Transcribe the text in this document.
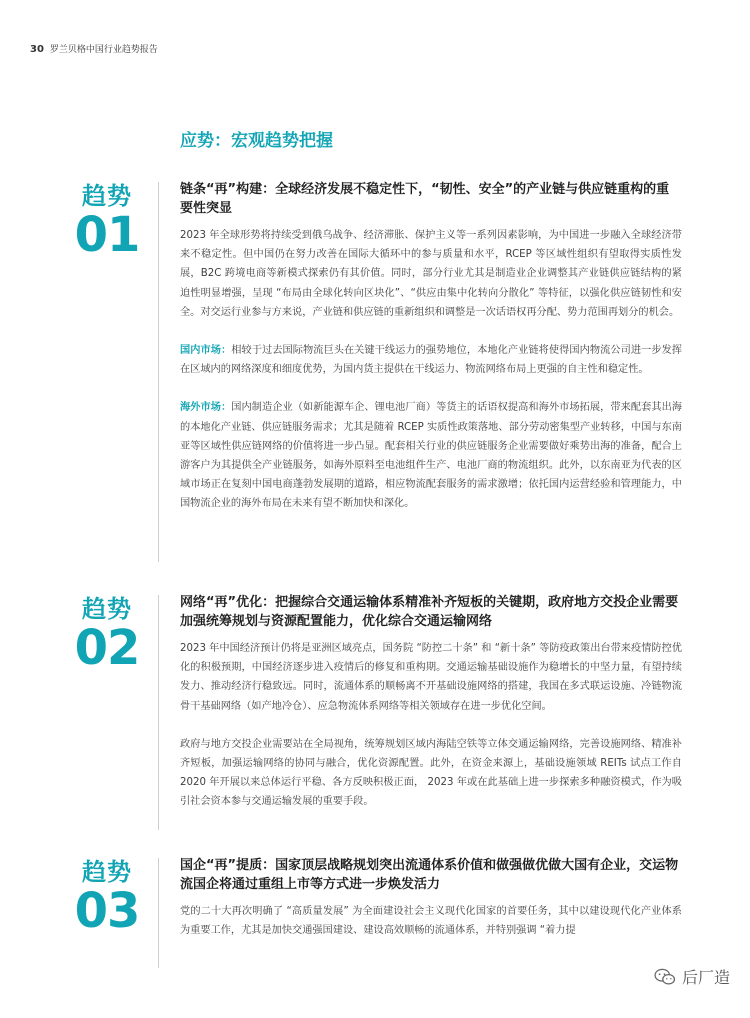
30 罗兰贝格中国行业趋势报告
应势：宏观趋势把握
趋势
01
链条“再”构建：全球经济发展不稳定性下，“韧性、安全”的产业链与供应链重构的重要性突显

2023 年全球形势将持续受到俄乌战争、经济滞胀、保护主义等一系列因素影响，为中国进一步融入全球经济带来不稳定性。但中国仍在努力改善在国际大循环中的参与质量和水平，RCEP 等区域性组织有望取得实质性发展，B2C 跨境电商等新模式探索仍有其价值。同时，部分行业尤其是制造业企业调整其产业链供应链结构的紧迫性明显增强，呈现 “布局由全球化转向区块化”、“供应由集中化转向分散化” 等特征，以强化供应链韧性和安全。对交运行业参与方来说，产业链和供应链的重新组织和调整是一次话语权再分配、势力范围再划分的机会。

国内市场：相较于过去国际物流巨头在关键干线运力的强势地位，本地化产业链将使得国内物流公司进一步发挥在区域内的网络深度和细度优势，为国内货主提供在干线运力、物流网络布局上更强的自主性和稳定性。

海外市场：国内制造企业（如新能源车企、锂电池厂商）等货主的话语权提高和海外市场拓展，带来配套其出海的本地化产业链、供应链服务需求；尤其是随着 RCEP 实质性政策落地、部分劳动密集型产业转移，中国与东南亚等区域性供应链网络的价值将进一步凸显。配套相关行业的供应链服务企业需要做好乘势出海的准备，配合上游客户为其提供全产业链服务，如海外原料至电池组件生产、电池厂商的物流组织。此外，以东南亚为代表的区域市场正在复刻中国电商蓬勃发展期的道路，相应物流配套服务的需求激增；依托国内运营经验和管理能力，中国物流企业的海外布局在未来有望不断加快和深化。

趋势
02
网络“再”优化：把握综合交通运输体系精准补齐短板的关键期，政府地方交投企业需要加强统筹规划与资源配置能力，优化综合交通运输网络

2023 年中国经济预计仍将是亚洲区域亮点，国务院 “防控二十条” 和 “新十条” 等防疫政策出台带来疫情防控优化的积极预期，中国经济逐步进入疫情后的修复和重构期。交通运输基础设施作为稳增长的中坚力量，有望持续发力、推动经济行稳致远。同时，流通体系的顺畅离不开基础设施网络的搭建，我国在多式联运设施、冷链物流骨干基础网络（如产地冷仓）、应急物流体系网络等相关领域存在进一步优化空间。

政府与地方交投企业需要站在全局视角，统筹规划区域内海陆空铁等立体交通运输网络，完善设施网络、精准补齐短板，加强运输网络的协同与融合，优化资源配置。此外，在资金来源上，基础设施领域 REITs 试点工作自 2020 年开展以来总体运行平稳、各方反映积极正面， 2023 年或在此基础上进一步探索多种融资模式，作为吸引社会资本参与交通运输发展的重要手段。

趋势
03
国企“再”提质：国家顶层战略规划突出流通体系价值和做强做优做大国有企业，交运物流国企将通过重组上市等方式进一步焕发活力

党的二十大再次明确了 “高质量发展” 为全面建设社会主义现代化国家的首要任务，其中以建设现代化产业体系为重要工作，尤其是加快交通强国建设、建设高效顺畅的流通体系，并特别强调 “着力提

后厂造
